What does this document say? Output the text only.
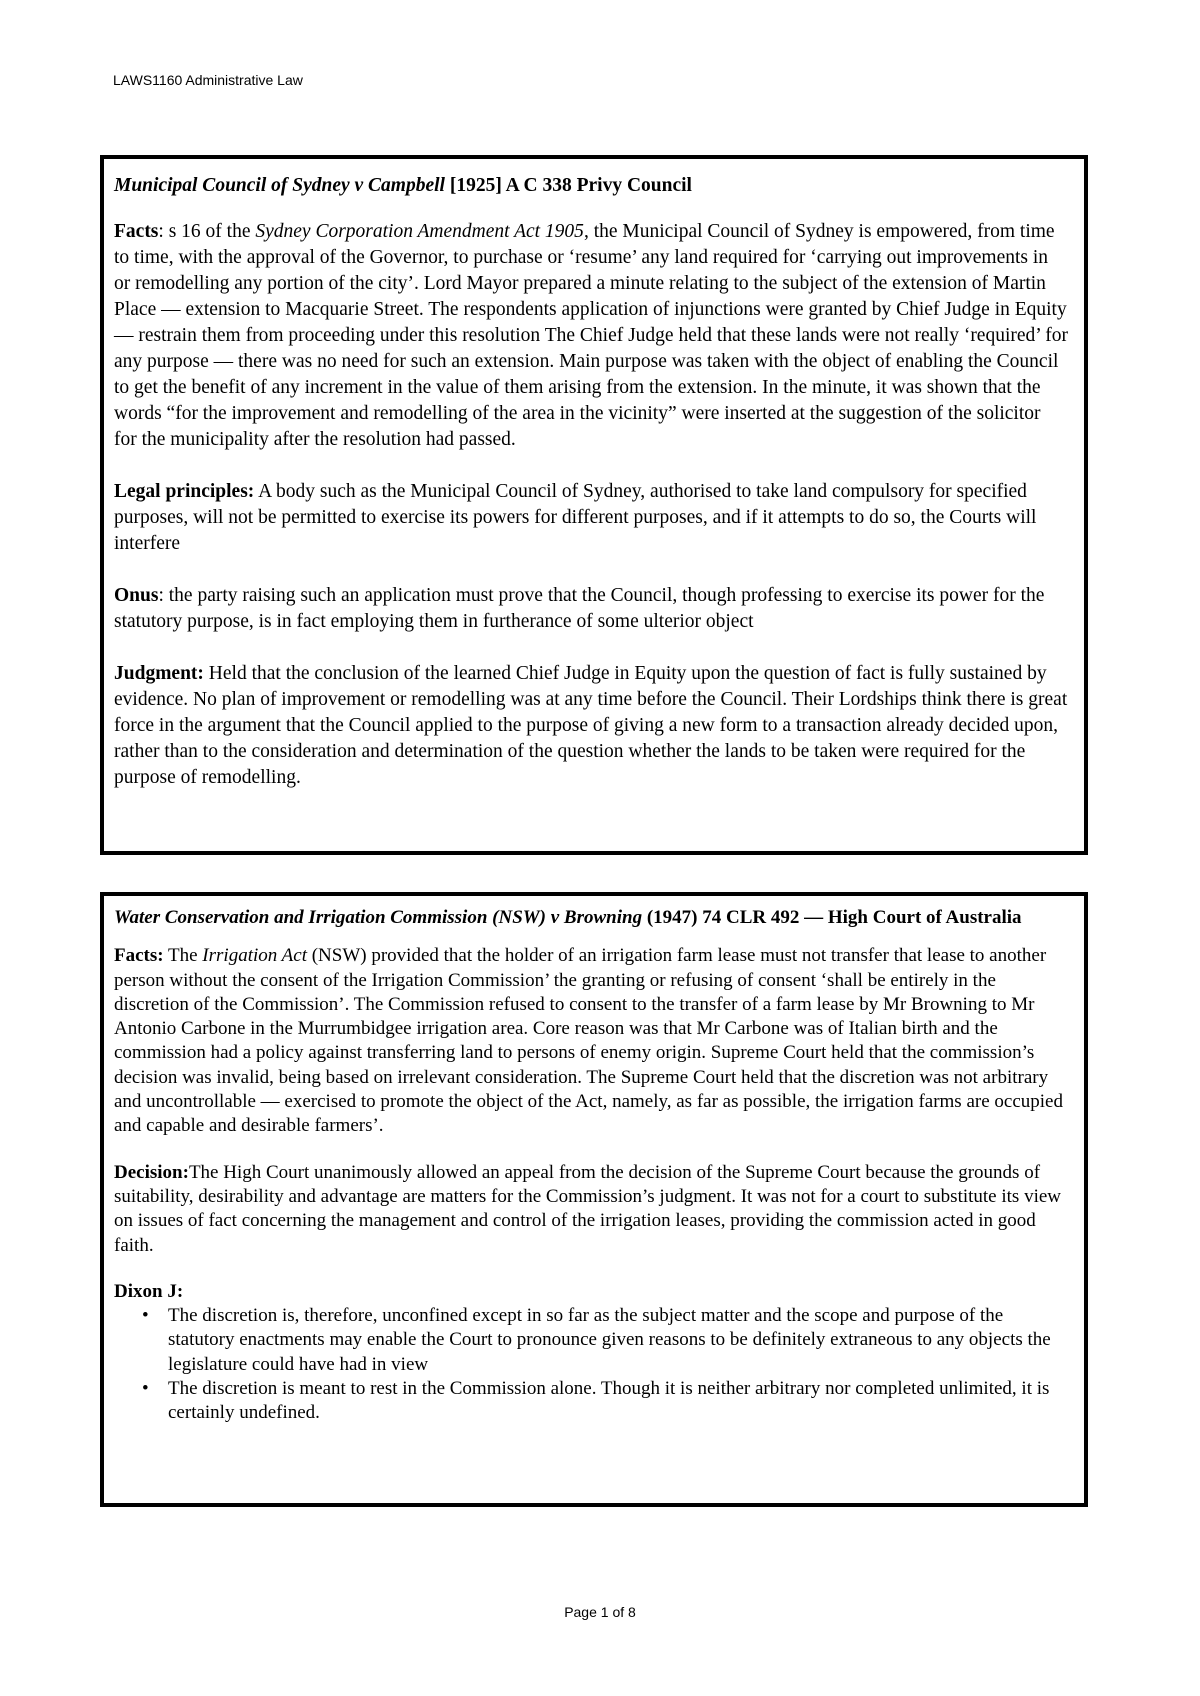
LAWS1160 Administrative Law

Municipal Council of Sydney v Campbell [1925] A C 338 Privy Council

Facts: s 16 of the Sydney Corporation Amendment Act 1905, the Municipal Council of Sydney is empowered, from time to time, with the approval of the Governor, to purchase or ‘resume’ any land required for ‘carrying out improvements in or remodelling any portion of the city’. Lord Mayor prepared a minute relating to the subject of the extension of Martin Place — extension to Macquarie Street. The respondents application of injunctions were granted by Chief Judge in Equity — restrain them from proceeding under this resolution The Chief Judge held that these lands were not really ‘required’ for any purpose — there was no need for such an extension. Main purpose was taken with the object of enabling the Council to get the benefit of any increment in the value of them arising from the extension. In the minute, it was shown that the words “for the improvement and remodelling of the area in the vicinity” were inserted at the suggestion of the solicitor for the municipality after the resolution had passed.

Legal principles: A body such as the Municipal Council of Sydney, authorised to take land compulsory for specified purposes, will not be permitted to exercise its powers for different purposes, and if it attempts to do so, the Courts will interfere

Onus: the party raising such an application must prove that the Council, though professing to exercise its power for the statutory purpose, is in fact employing them in furtherance of some ulterior object

Judgment: Held that the conclusion of the learned Chief Judge in Equity upon the question of fact is fully sustained by evidence. No plan of improvement or remodelling was at any time before the Council. Their Lordships think there is great force in the argument that the Council applied to the purpose of giving a new form to a transaction already decided upon, rather than to the consideration and determination of the question whether the lands to be taken were required for the purpose of remodelling.

Water Conservation and Irrigation Commission (NSW) v Browning (1947) 74 CLR 492 — High Court of Australia

Facts: The Irrigation Act (NSW) provided that the holder of an irrigation farm lease must not transfer that lease to another person without the consent of the Irrigation Commission’ the granting or refusing of consent ‘shall be entirely in the discretion of the Commission’. The Commission refused to consent to the transfer of a farm lease by Mr Browning to Mr Antonio Carbone in the Murrumbidgee irrigation area. Core reason was that Mr Carbone was of Italian birth and the commission had a policy against transferring land to persons of enemy origin. Supreme Court held that the commission’s decision was invalid, being based on irrelevant consideration. The Supreme Court held that the discretion was not arbitrary and uncontrollable — exercised to promote the object of the Act, namely, as far as possible, the irrigation farms are occupied and capable and desirable farmers’.

Decision:The High Court unanimously allowed an appeal from the decision of the Supreme Court because the grounds of suitability, desirability and advantage are matters for the Commission’s judgment. It was not for a court to substitute its view on issues of fact concerning the management and control of the irrigation leases, providing the commission acted in good faith.

Dixon J:

• The discretion is, therefore, unconfined except in so far as the subject matter and the scope and purpose of the statutory enactments may enable the Court to pronounce given reasons to be definitely extraneous to any objects the legislature could have had in view
• The discretion is meant to rest in the Commission alone. Though it is neither arbitrary nor completed unlimited, it is certainly undefined.
Page 1 of 8
